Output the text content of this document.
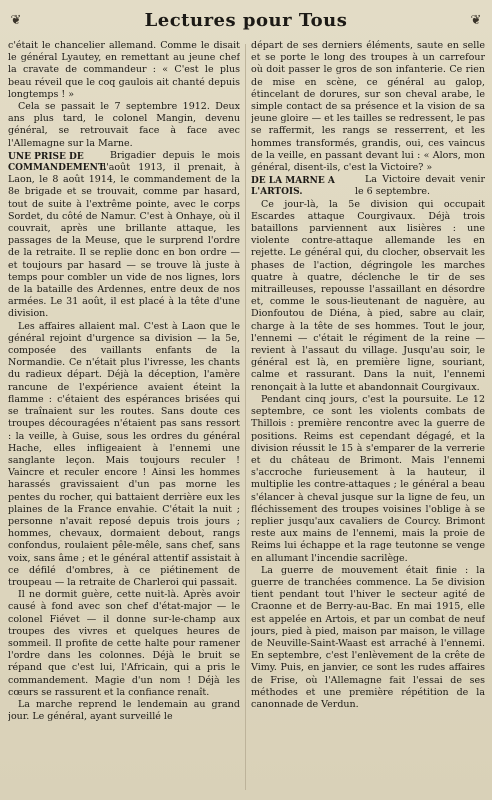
❦	Lectures pour Tous	❦

c'était le chancelier allemand. Comme le disait le général Lyautey, en remettant au jeune chef la cravate de commandeur : « C'est le plus beau réveil que le coq gaulois ait chanté depuis longtemps ! »

Cela se passait le 7 septembre 1912. Deux ans plus tard, le colonel Mangin, devenu général, se retrouvait face à face avec l'Allemagne sur la Marne.

UNE PRISE DE COMMANDEMENT.

Brigadier depuis le mois d'août 1913, il prenait, à Laon, le 8 août 1914, le commandement de la 8e brigade et se trouvait, comme par hasard, tout de suite à l'extrême pointe, avec le corps Sordet, du côté de Namur. C'est à Onhaye, où il couvrait, après une brillante attaque, les passages de la Meuse, que le surprend l'ordre de la retraite. Il se replie donc en bon ordre — et toujours par hasard — se trouve là juste à temps pour combler un vide de nos lignes, lors de la bataille des Ardennes, entre deux de nos armées. Le 31 août, il est placé à la tête d'une division.

Les affaires allaient mal. C'est à Laon que le général rejoint d'urgence sa division — la 5e, composée des vaillants enfants de la Normandie. Ce n'était plus l'ivresse, les chants du radieux départ. Déjà la déception, l'amère rancune de l'expérience avaient éteint la flamme : c'étaient des espérances brisées qui se traînaient sur les routes. Sans doute ces troupes découragées n'étaient pas sans ressort : la veille, à Guise, sous les ordres du général Hache, elles infligeaient à l'ennemi une sanglante leçon. Mais toujours reculer ! Vaincre et reculer encore ! Ainsi les hommes harassés gravissaient d'un pas morne les pentes du rocher, qui battaient derrière eux les plaines de la France envahie. C'était la nuit ; personne n'avait reposé depuis trois jours ; hommes, chevaux, dormaient debout, rangs confondus, roulaient pêle-mêle, sans chef, sans voix, sans âme ; et le général attentif assistait à ce défilé d'ombres, à ce piétinement de troupeau — la retraite de Charleroi qui passait.

Il ne dormit guère, cette nuit-là. Après avoir causé à fond avec son chef d'état-major — le colonel Fiévet — il donne sur-le-champ aux troupes des vivres et quelques heures de sommeil. Il profite de cette halte pour ramener l'ordre dans les colonnes. Déjà le bruit se répand que c'est lui, l'Africain, qui a pris le commandement. Magie d'un nom ! Déjà les cœurs se rassurent et la confiance renaît.

La marche reprend le lendemain au grand jour. Le général, ayant surveillé le

départ de ses derniers éléments, saute en selle et se porte le long des troupes à un carrefour où doit passer le gros de son infanterie. Ce rien de mise en scène, ce général au galop, étincelant de dorures, sur son cheval arabe, le simple contact de sa présence et la vision de sa jeune gloire — et les tailles se redressent, le pas se raffermit, les rangs se resserrent, et les hommes transformés, grandis, oui, ces vaincus de la veille, en passant devant lui : « Alors, mon général, disent-ils, c'est la Victoire? »

DE LA MARNE A L'ARTOIS.

La Victoire devait venir le 6 septembre.

Ce jour-là, la 5e division qui occupait Escardes attaque Courgivaux. Déjà trois bataillons parviennent aux lisières : une violente contre-attaque allemande les en rejette. Le général qui, du clocher, observait les phases de l'action, dégringole les marches quatre à quatre, déclenche le tir de ses mitrailleuses, repousse l'assaillant en désordre et, comme le sous-lieutenant de naguère, au Dionfoutou de Diéna, à pied, sabre au clair, charge à la tête de ses hommes. Tout le jour, l'ennemi — c'était le régiment de la reine — revient à l'assaut du village. Jusqu'au soir, le général est là, en première ligne, souriant, calme et rassurant. Dans la nuit, l'ennemi renonçait à la lutte et abandonnait Courgivaux.

Pendant cinq jours, c'est la poursuite. Le 12 septembre, ce sont les violents combats de Thillois : première rencontre avec la guerre de positions. Reims est cependant dégagé, et la division réussit le 15 à s'emparer de la verrerie et du château de Brimont. Mais l'ennemi s'accroche furieusement à la hauteur, il multiplie les contre-attaques ; le général a beau s'élancer à cheval jusque sur la ligne de feu, un fléchissement des troupes voisines l'oblige à se replier jusqu'aux cavaliers de Courcy. Brimont reste aux mains de l'ennemi, mais la proie de Reims lui échappe et la rage teutonne se venge en allumant l'incendie sacrilège.

La guerre de mouvement était finie : la guerre de tranchées commence. La 5e division tient pendant tout l'hiver le secteur agité de Craonne et de Berry-au-Bac. En mai 1915, elle est appelée en Artois, et par un combat de neuf jours, pied à pied, maison par maison, le village de Neuville-Saint-Waast est arraché à l'ennemi. En septembre, c'est l'enlèvement de la crête de Vimy. Puis, en janvier, ce sont les rudes affaires de Frise, où l'Allemagne fait l'essai de ses méthodes et une première répétition de la canonnade de Verdun.
